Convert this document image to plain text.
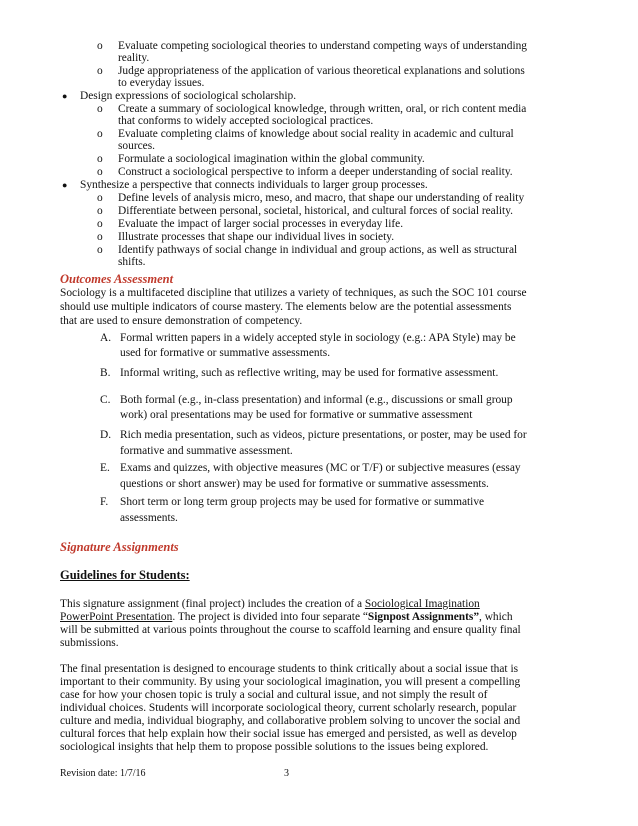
o Evaluate competing sociological theories to understand competing ways of understanding
reality.
o Judge appropriateness of the application of various theoretical explanations and solutions
to everyday issues.
● Design expressions of sociological scholarship.
o Create a summary of sociological knowledge, through written, oral, or rich content media
that conforms to widely accepted sociological practices.
o Evaluate completing claims of knowledge about social reality in academic and cultural
sources.
o Formulate a sociological imagination within the global community.
o Construct a sociological perspective to inform a deeper understanding of social reality.
● Synthesize a perspective that connects individuals to larger group processes.
o Define levels of analysis micro, meso, and macro, that shape our understanding of reality
o Differentiate between personal, societal, historical, and cultural forces of social reality.
o Evaluate the impact of larger social processes in everyday life.
o Illustrate processes that shape our individual lives in society.
o Identify pathways of social change in individual and group actions, as well as structural
shifts.
Outcomes Assessment
Sociology is a multifaceted discipline that utilizes a variety of techniques, as such the SOC 101 course
should use multiple indicators of course mastery. The elements below are the potential assessments
that are used to ensure demonstration of competency.
A. Formal written papers in a widely accepted style in sociology (e.g.: APA Style) may be
used for formative or summative assessments.
B. Informal writing, such as reflective writing, may be used for formative assessment.
C. Both formal (e.g., in-class presentation) and informal (e.g., discussions or small group
work) oral presentations may be used for formative or summative assessment
D. Rich media presentation, such as videos, picture presentations, or poster, may be used for
formative and summative assessment.
E. Exams and quizzes, with objective measures (MC or T/F) or subjective measures (essay
questions or short answer) may be used for formative or summative assessments.
F. Short term or long term group projects may be used for formative or summative
assessments.
Signature Assignments
Guidelines for Students:
This signature assignment (final project) includes the creation of a Sociological Imagination
PowerPoint Presentation. The project is divided into four separate “Signpost Assignments”, which
will be submitted at various points throughout the course to scaffold learning and ensure quality final
submissions.
The final presentation is designed to encourage students to think critically about a social issue that is
important to their community. By using your sociological imagination, you will present a compelling
case for how your chosen topic is truly a social and cultural issue, and not simply the result of
individual choices. Students will incorporate sociological theory, current scholarly research, popular
culture and media, individual biography, and collaborative problem solving to uncover the social and
cultural forces that help explain how their social issue has emerged and persisted, as well as develop
sociological insights that help them to propose possible solutions to the issues being explored.
Revision date: 1/7/16	3
